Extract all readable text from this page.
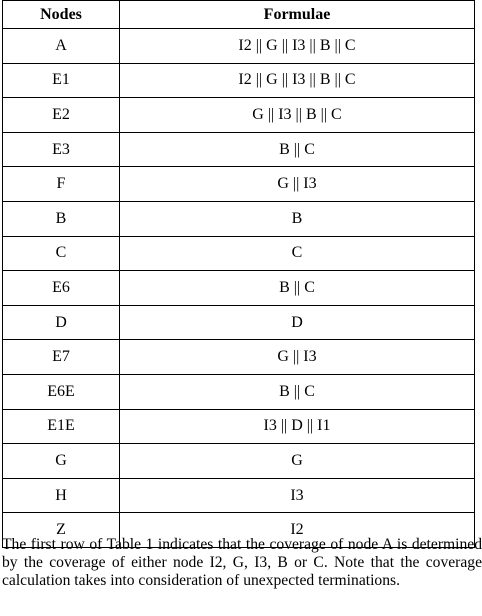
Nodes	Formulae
A	I2 || G || I3 || B || C
E1	I2 || G || I3 || B || C
E2	G || I3 || B || C
E3	B || C
F	G || I3
B	B
C	C
E6	B || C
D	D
E7	G || I3
E6E	B || C
E1E	I3 || D || I1
G	G
H	I3
Z	I2
The first row of Table 1 indicates that the coverage of node A is determined by the coverage of either node I2, G, I3, B or C. Note that the coverage calculation takes into consideration of unexpected terminations.
